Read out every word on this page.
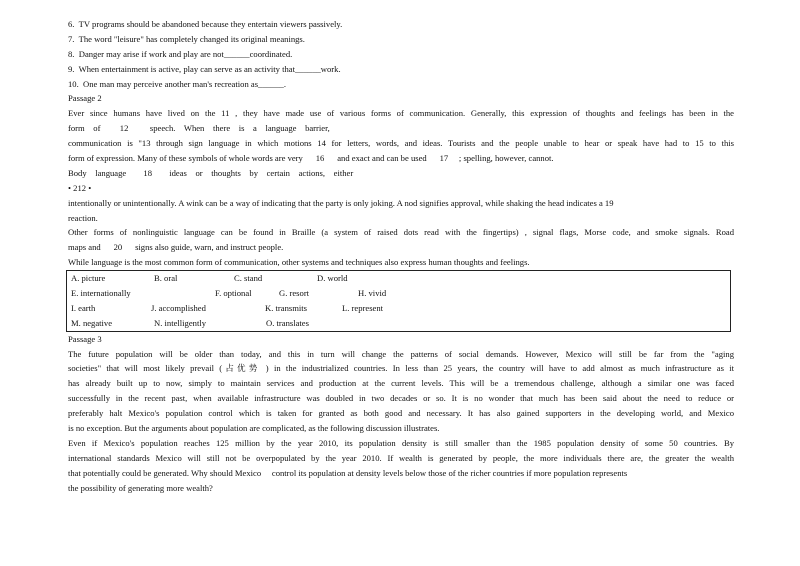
6.  TV programs should be abandoned because they entertain viewers passively.
7.  The word "leisure" has completely changed its original meanings.
8.  Danger may arise if work and play are not______coordinated.
9.  When entertainment is active, play can serve as an activity that______work.
10.  One man may perceive another man's recreation as______.
Passage 2
Ever since humans have lived on the 11 , they have made use of various forms of communication. Generally, this expression of thoughts and feelings has been in the
form    of         12          speech.    When    there    is    a    language    barrier,
communication is "13 through sign language in which motions 14 for letters, words, and ideas. Tourists and the people unable to hear or speak have had to 15 to this
form of expression. Many of these symbols of whole words are very      16      and exact and can be used      17     ; spelling, however, cannot.
Body    language        18        ideas    or    thoughts    by    certain    actions,    either
• 212 •
intentionally or unintentionally. A wink can be a way of indicating that the party is only joking. A nod signifies approval, while shaking the head indicates a 19
reaction.
Other forms of nonlinguistic language can be found in Braille (a system of raised dots read with the fingertips) , signal flags, Morse code, and smoke signals. Road
maps and      20      signs also guide, warn, and instruct people.
While language is the most common form of communication, other systems and techniques also express human thoughts and feelings.
A. picture	B. oral	C. stand	D. world
E. internationally	F. optional	G. resort	H. vivid
I. earth	J. accomplished	K. transmits	L. represent
M. negative	N. intelligently	O. translates
Passage 3
The future population will be older than today, and this in turn will change the patterns of social demands. However, Mexico will still be far from the "aging
societies" that will most likely prevail (占优势 ) in the industrialized countries. In less than 25 years, the country will have to add almost as much infrastructure as it
has already built up to now, simply to maintain services and production at the current levels. This will be a tremendous challenge, although a similar one was faced
successfully in the recent past, when available infrastructure was doubled in two decades or so. It is no wonder that much has been said about the need to reduce or
preferably halt Mexico's population control which is taken for granted as both good and necessary. It has also gained supporters in the developing world, and Mexico
is no exception. But the arguments about population are complicated, as the following discussion illustrates.
Even if Mexico's population reaches 125 million by the year 2010, its population density is still smaller than the 1985 population density of some 50 countries. By
international standards Mexico will still not be overpopulated by the year 2010. If wealth is generated by people, the more individuals there are, the greater the wealth
that potentially could be generated. Why should Mexico     control its population at density levels below those of the richer countries if more population represents
the possibility of generating more wealth?
